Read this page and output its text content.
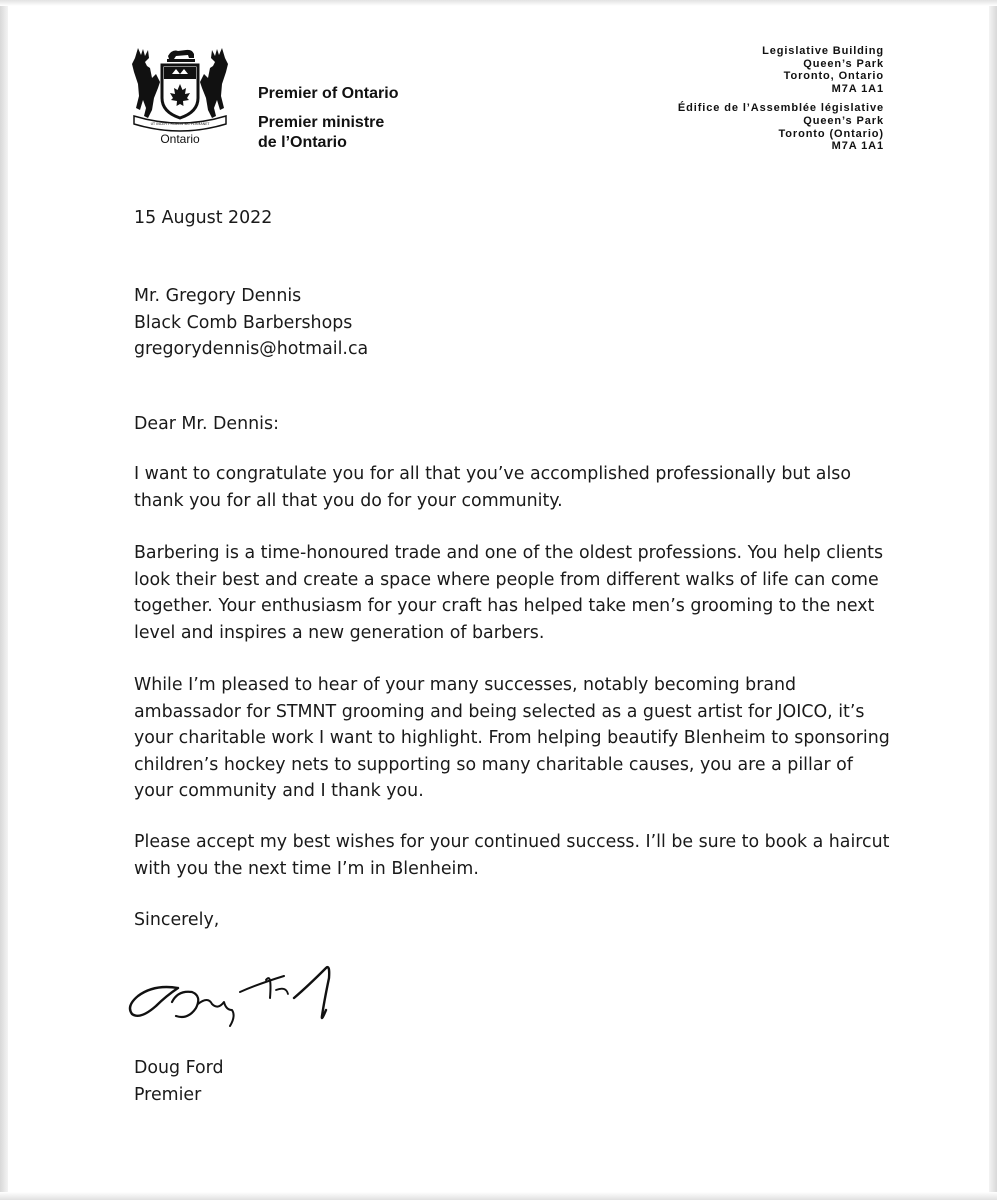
UT INCEPIT FIDELIS SIC PERMANET
Ontario
Premier of Ontario
Premier ministre
de l’Ontario
Legislative Building
Queen’s Park
Toronto, Ontario
M7A 1A1
Édifice de l’Assemblée législative
Queen’s Park
Toronto (Ontario)
M7A 1A1
15 August 2022
Mr. Gregory Dennis
Black Comb Barbershops
gregorydennis@hotmail.ca
Dear Mr. Dennis:
I want to congratulate you for all that you’ve accomplished professionally but also thank you for all that you do for your community.
Barbering is a time-honoured trade and one of the oldest professions. You help clients look their best and create a space where people from different walks of life can come together. Your enthusiasm for your craft has helped take men’s grooming to the next level and inspires a new generation of barbers.
While I’m pleased to hear of your many successes, notably becoming brand ambassador for STMNT grooming and being selected as a guest artist for JOICO, it’s your charitable work I want to highlight. From helping beautify Blenheim to sponsoring children’s hockey nets to supporting so many charitable causes, you are a pillar of your community and I thank you.
Please accept my best wishes for your continued success. I’ll be sure to book a haircut with you the next time I’m in Blenheim.
Sincerely,
Doug Ford
Premier
